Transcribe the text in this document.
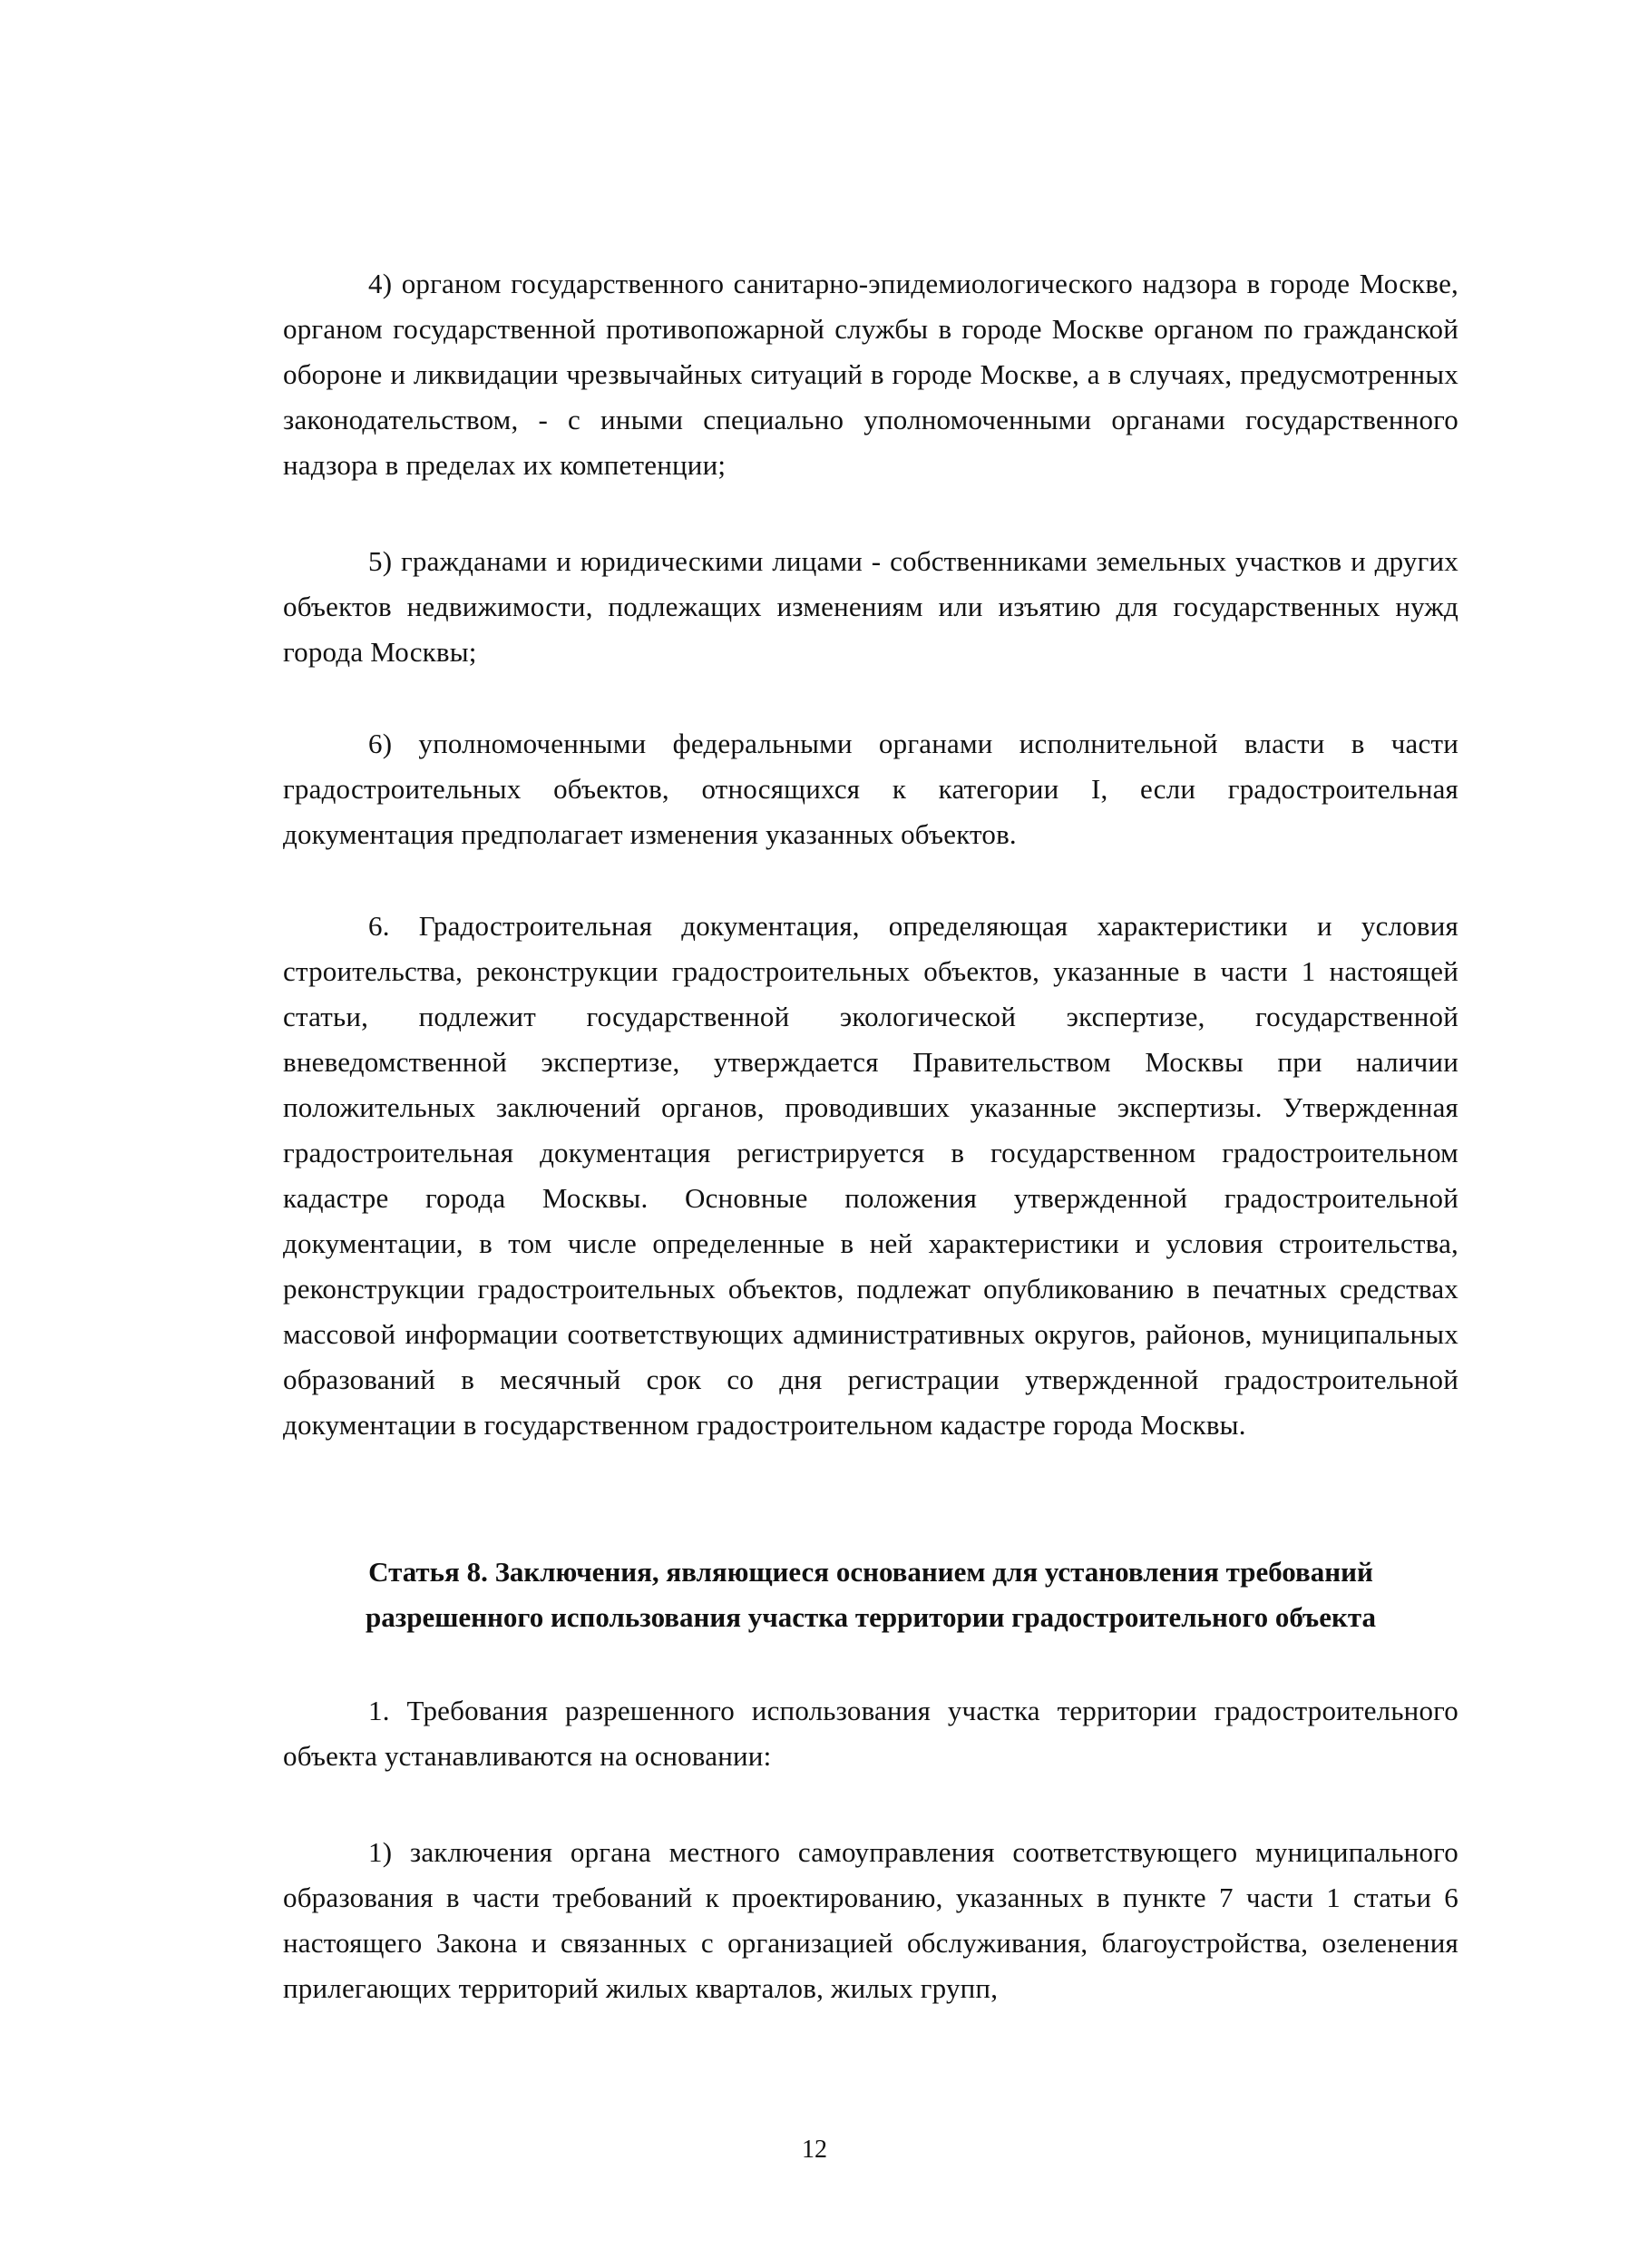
4) органом государственного санитарно-эпидемиологического надзора в городе Москве, органом государственной противопожарной службы в городе Москве органом по гражданской обороне и ликвидации чрезвычайных ситуаций в городе Москве, а в случаях, предусмотренных законодательством, - с иными специально уполномоченными органами государственного надзора в пределах их компетенции;

5) гражданами и юридическими лицами - собственниками земельных участков и других объектов недвижимости, подлежащих изменениям или изъятию для государственных нужд города Москвы;

6) уполномоченными федеральными органами исполнительной власти в части градостроительных объектов, относящихся к категории I, если градостроительная документация предполагает изменения указанных объектов.

6. Градостроительная документация, определяющая характеристики и условия строительства, реконструкции градостроительных объектов, указанные в части 1 настоящей статьи, подлежит государственной экологической экспертизе, государственной вневедомственной экспертизе, утверждается Правительством Москвы при наличии положительных заключений органов, проводивших указанные экспертизы. Утвержденная градостроительная документация регистрируется в государственном градостроительном кадастре города Москвы. Основные положения утвержденной градостроительной документации, в том числе определенные в ней характеристики и условия строительства, реконструкции градостроительных объектов, подлежат опубликованию в печатных средствах массовой информации соответствующих административных округов, районов, муниципальных образований в месячный срок со дня регистрации утвержденной градостроительной документации в государственном градостроительном кадастре города Москвы.

Статья 8. Заключения, являющиеся основанием для установления требований
разрешенного использования участка территории градостроительного объекта

1. Требования разрешенного использования участка территории градостроительного объекта устанавливаются на основании:

1) заключения органа местного самоуправления соответствующего муниципального образования в части требований к проектированию, указанных в пункте 7 части 1 статьи 6 настоящего Закона и связанных с организацией обслуживания, благоустройства, озеленения прилегающих территорий жилых кварталов, жилых групп,

12
